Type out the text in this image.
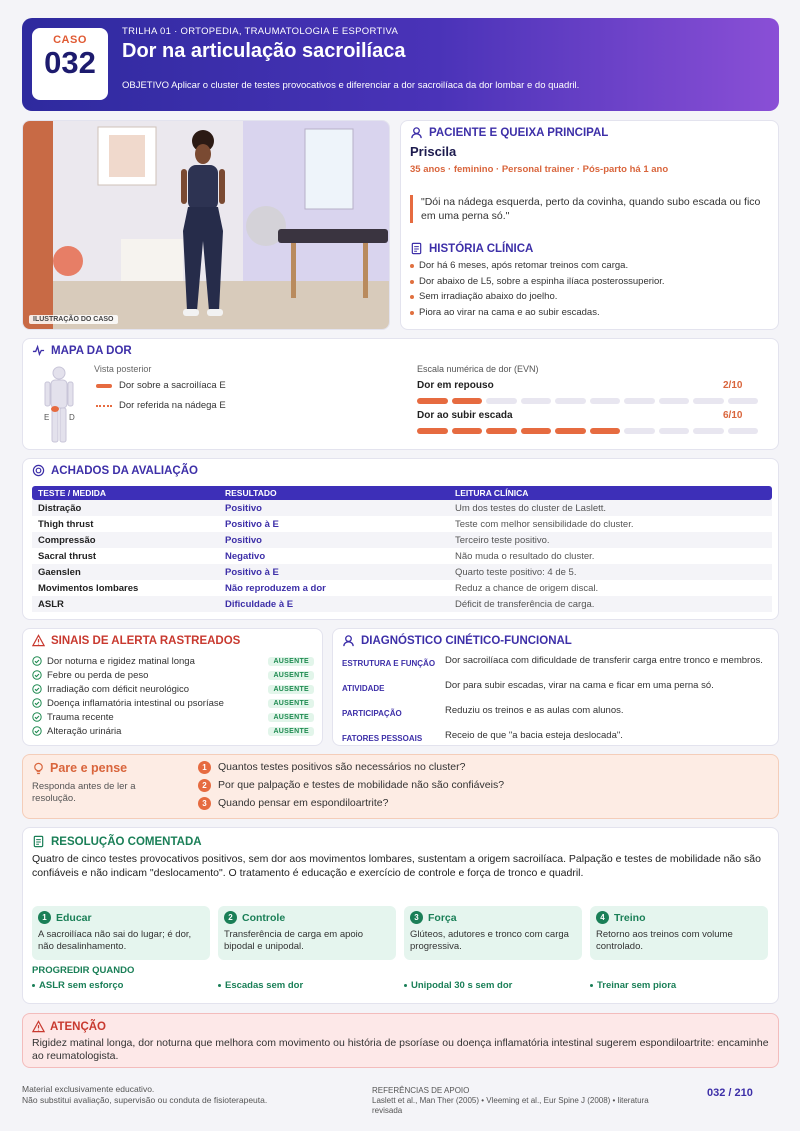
CASO
032
TRILHA 01 · ORTOPEDIA, TRAUMATOLOGIA E ESPORTIVA
Dor na articulação sacroilíaca
OBJETIVO Aplicar o cluster de testes provocativos e diferenciar a dor sacroilíaca da dor lombar e do quadril.
ILUSTRAÇÃO DO CASO
PACIENTE E QUEIXA PRINCIPAL
Priscila
35 anos · feminino · Personal trainer · Pós-parto há 1 ano
"Dói na nádega esquerda, perto da covinha, quando subo escada ou fico em uma perna só."
HISTÓRIA CLÍNICA
Dor há 6 meses, após retomar treinos com carga.
Dor abaixo de L5, sobre a espinha ilíaca posterossuperior.
Sem irradiação abaixo do joelho.
Piora ao virar na cama e ao subir escadas.
MAPA DA DOR
E D
Vista posterior
Dor sobre a sacroilíaca E
Dor referida na nádega E
Escala numérica de dor (EVN)
Dor em repouso	2/10
Dor ao subir escada	6/10
ACHADOS DA AVALIAÇÃO
TESTE / MEDIDA	RESULTADO	LEITURA CLÍNICA
Distração	Positivo	Um dos testes do cluster de Laslett.
Thigh thrust	Positivo à E	Teste com melhor sensibilidade do cluster.
Compressão	Positivo	Terceiro teste positivo.
Sacral thrust	Negativo	Não muda o resultado do cluster.
Gaenslen	Positivo à E	Quarto teste positivo: 4 de 5.
Movimentos lombares	Não reproduzem a dor	Reduz a chance de origem discal.
ASLR	Dificuldade à E	Déficit de transferência de carga.
SINAIS DE ALERTA RASTREADOS
Dor noturna e rigidez matinal longa	AUSENTE
Febre ou perda de peso	AUSENTE
Irradiação com déficit neurológico	AUSENTE
Doença inflamatória intestinal ou psoríase	AUSENTE
Trauma recente	AUSENTE
Alteração urinária	AUSENTE
DIAGNÓSTICO CINÉTICO-FUNCIONAL
ESTRUTURA E FUNÇÃO	Dor sacroilíaca com dificuldade de transferir carga entre tronco e membros.
ATIVIDADE	Dor para subir escadas, virar na cama e ficar em uma perna só.
PARTICIPAÇÃO	Reduziu os treinos e as aulas com alunos.
FATORES PESSOAIS	Receio de que "a bacia esteja deslocada".
Pare e pense
Responda antes de ler a resolução.
1	Quantos testes positivos são necessários no cluster?
2	Por que palpação e testes de mobilidade não são confiáveis?
3	Quando pensar em espondiloartrite?
RESOLUÇÃO COMENTADA
Quatro de cinco testes provocativos positivos, sem dor aos movimentos lombares, sustentam a origem sacroilíaca. Palpação e testes de mobilidade não são confiáveis e não indicam "deslocamento". O tratamento é educação e exercício de controle e força de tronco e quadril.
1 Educar
A sacroilíaca não sai do lugar; é dor, não desalinhamento.
2 Controle
Transferência de carga em apoio bipodal e unipodal.
3 Força
Glúteos, adutores e tronco com carga progressiva.
4 Treino
Retorno aos treinos com volume controlado.
PROGREDIR QUANDO
ASLR sem esforço	Escadas sem dor	Unipodal 30 s sem dor	Treinar sem piora
ATENÇÃO
Rigidez matinal longa, dor noturna que melhora com movimento ou história de psoríase ou doença inflamatória intestinal sugerem espondiloartrite: encaminhe ao reumatologista.
Material exclusivamente educativo.
Não substitui avaliação, supervisão ou conduta de fisioterapeuta.
REFERÊNCIAS DE APOIO
Laslett et al., Man Ther (2005) • Vleeming et al., Eur Spine J (2008) • literatura revisada
032 / 210
